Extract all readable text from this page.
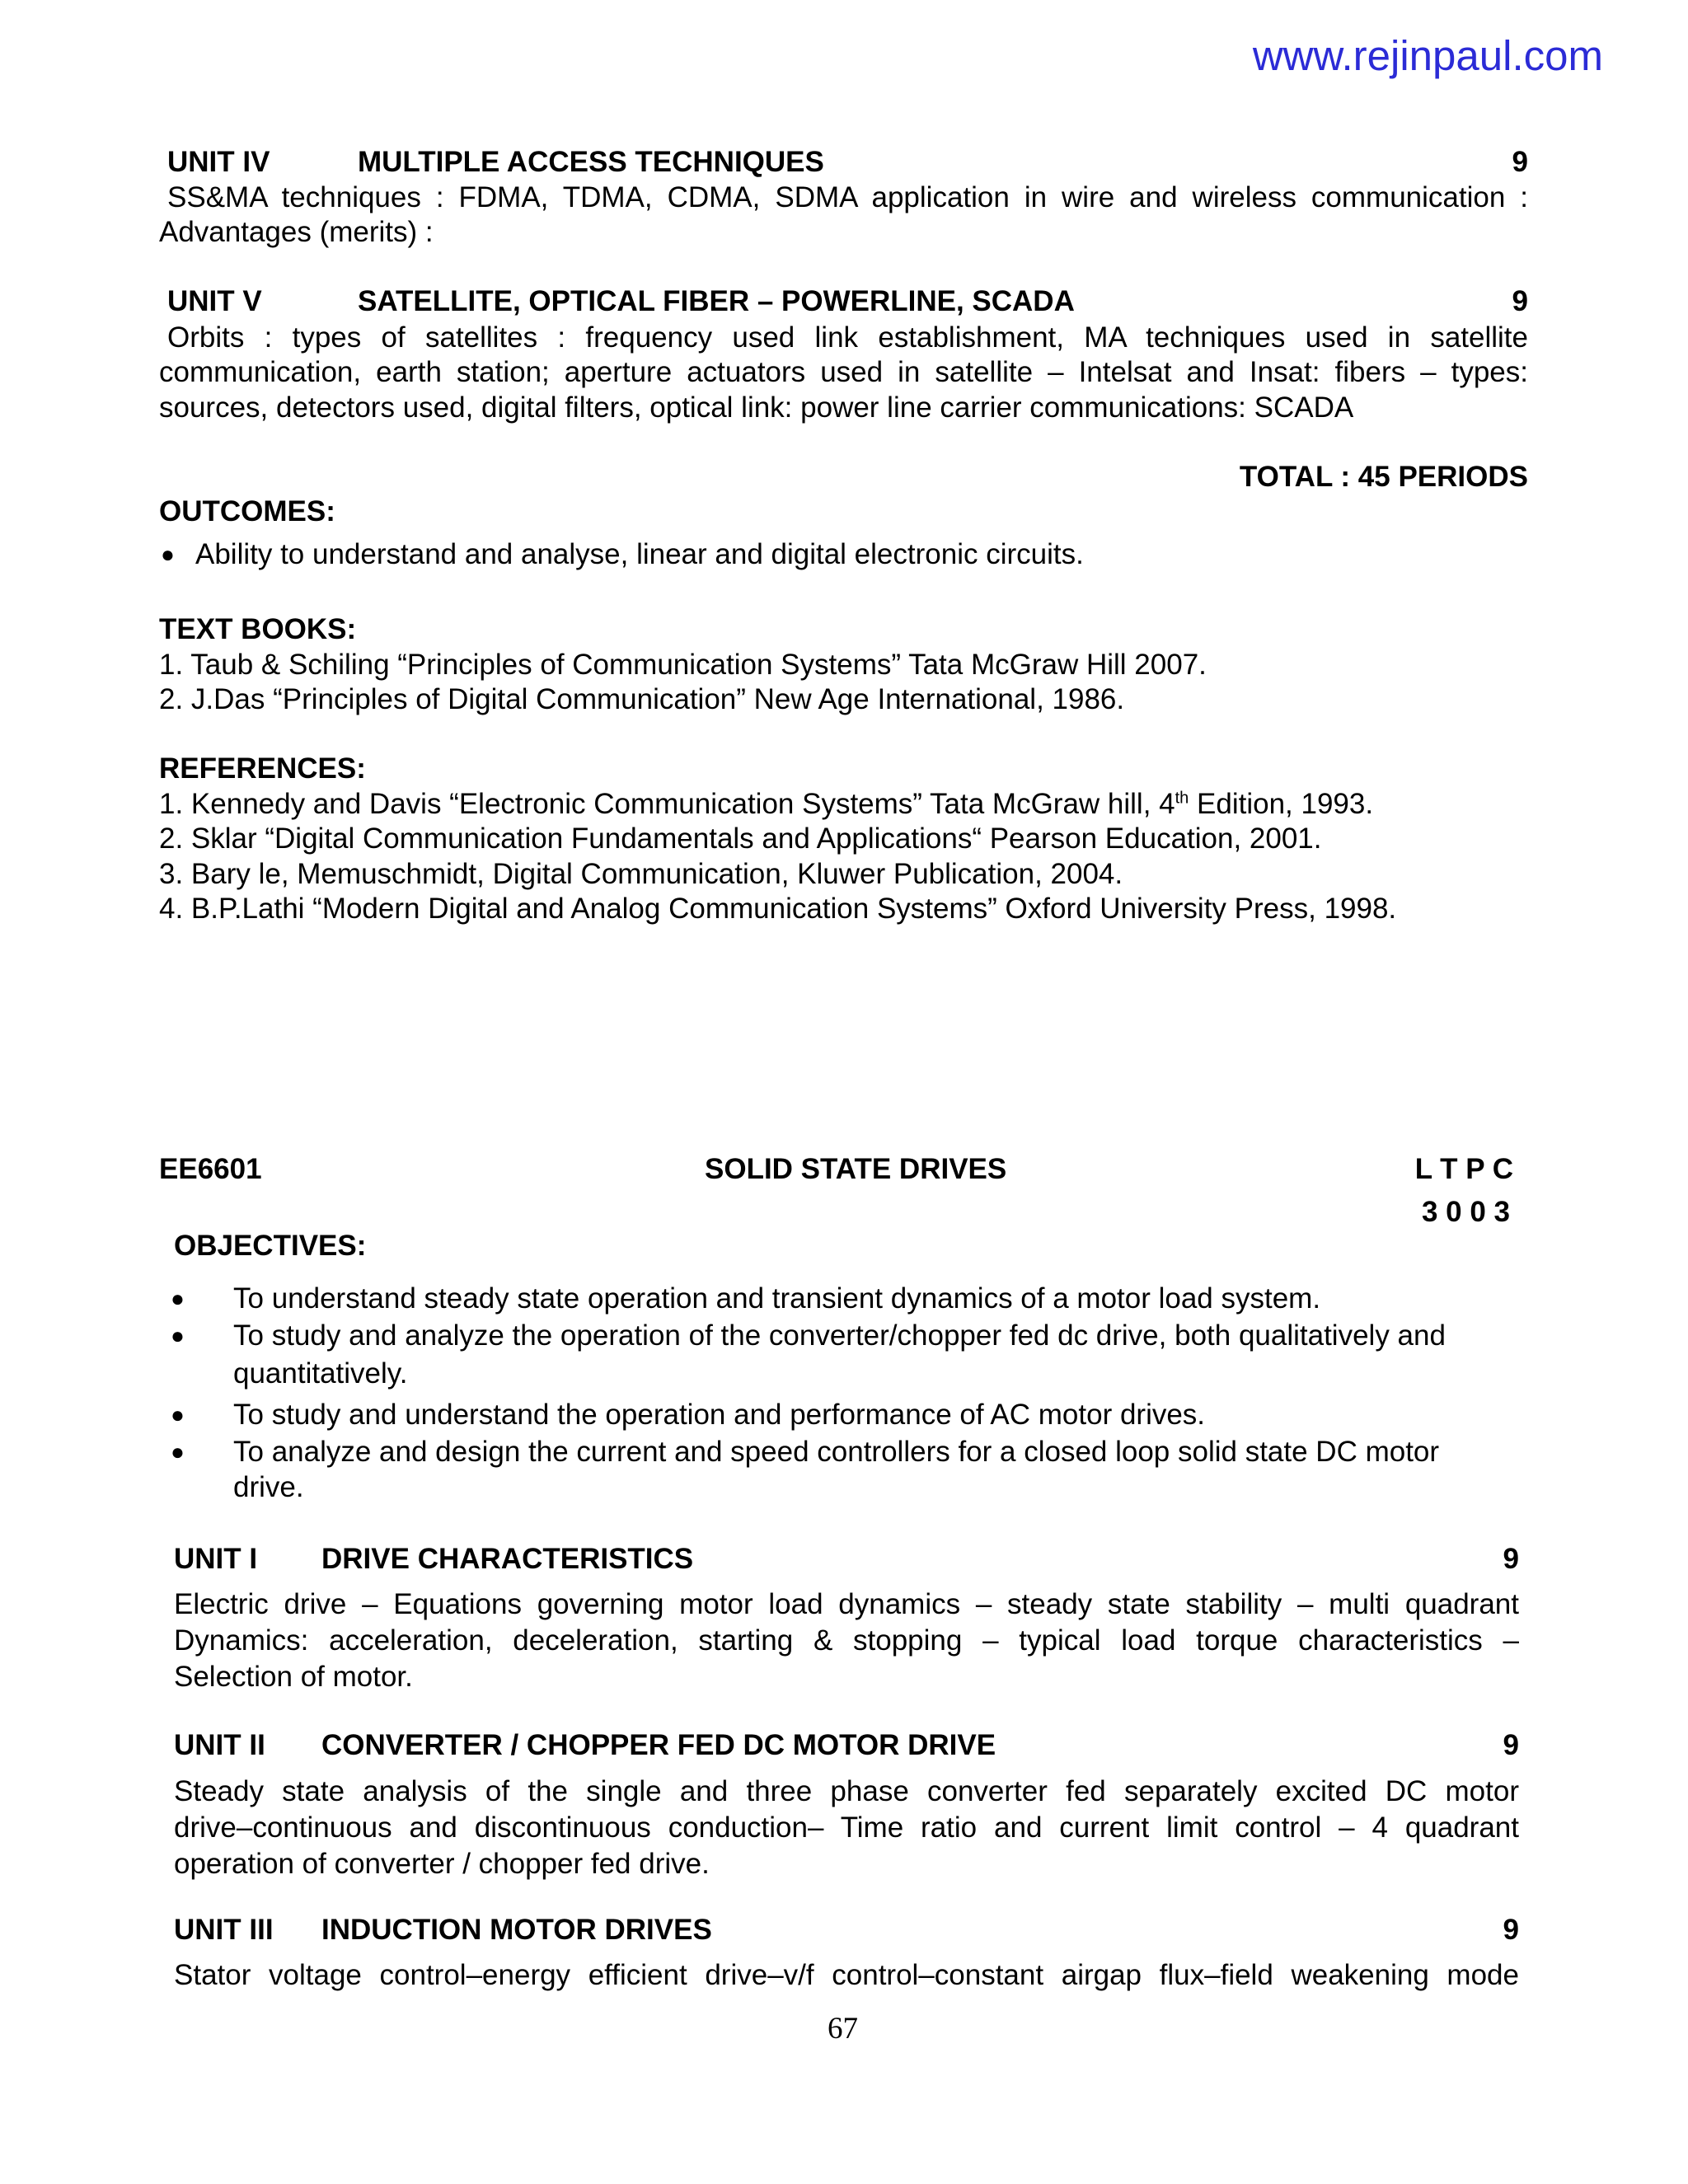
www.rejinpaul.com
UNIT IV	MULTIPLE ACCESS TECHNIQUES	9
SS&MA techniques : FDMA, TDMA, CDMA, SDMA application in wire and wireless communication :
Advantages (merits) :
UNIT V	SATELLITE, OPTICAL FIBER – POWERLINE, SCADA	9
Orbits : types of satellites : frequency used link establishment, MA techniques used in satellite
communication, earth station; aperture actuators used in satellite – Intelsat and Insat: fibers – types:
sources, detectors used, digital filters, optical link: power line carrier communications: SCADA
TOTAL : 45 PERIODS
OUTCOMES:
● Ability to understand and analyse, linear and digital electronic circuits.
TEXT BOOKS:
1. Taub & Schiling “Principles of Communication Systems” Tata McGraw Hill 2007.
2. J.Das “Principles of Digital Communication” New Age International, 1986.
REFERENCES:
1. Kennedy and Davis “Electronic Communication Systems” Tata McGraw hill, 4th Edition, 1993.
2. Sklar “Digital Communication Fundamentals and Applications“ Pearson Education, 2001.
3. Bary le, Memuschmidt, Digital Communication, Kluwer Publication, 2004.
4. B.P.Lathi “Modern Digital and Analog Communication Systems” Oxford University Press, 1998.
EE6601	SOLID STATE DRIVES	L T P C
3 0 0 3
OBJECTIVES:
● To understand steady state operation and transient dynamics of a motor load system.
● To study and analyze the operation of the converter/chopper fed dc drive, both qualitatively and
quantitatively.
● To study and understand the operation and performance of AC motor drives.
● To analyze and design the current and speed controllers for a closed loop solid state DC motor
drive.
UNIT I DRIVE CHARACTERISTICS	9
Electric drive – Equations governing motor load dynamics – steady state stability – multi quadrant
Dynamics: acceleration, deceleration, starting & stopping – typical load torque characteristics –
Selection of motor.
UNIT II CONVERTER / CHOPPER FED DC MOTOR DRIVE	9
Steady state analysis of the single and three phase converter fed separately excited DC motor
drive–continuous and discontinuous conduction– Time ratio and current limit control – 4 quadrant
operation of converter / chopper fed drive.
UNIT III INDUCTION MOTOR DRIVES	9
Stator voltage control–energy efficient drive–v/f control–constant airgap flux–field weakening mode
67
